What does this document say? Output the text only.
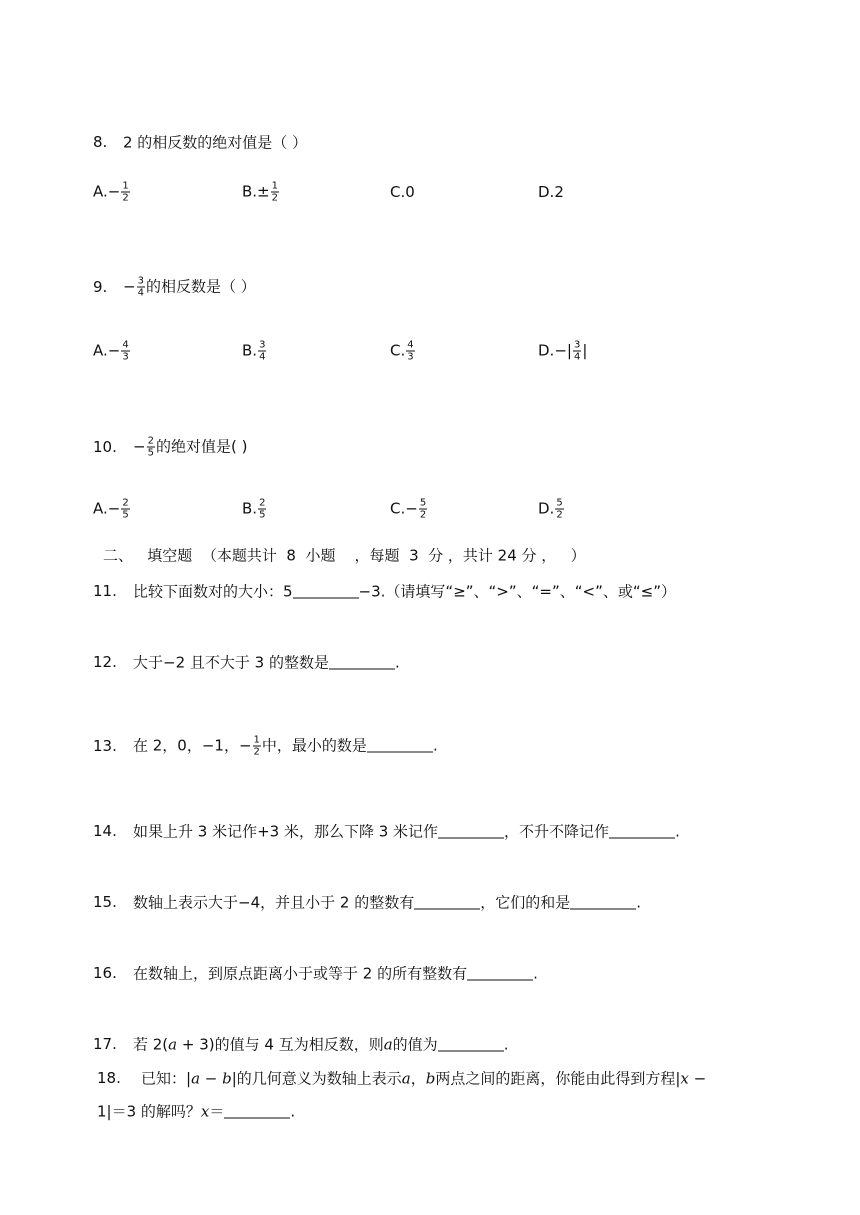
8. 2 的相反数的绝对值是（ ）
$A.- \frac{1}{2}$	$B.\pm \frac{1}{2}$	C.0	D.2
9. − $\frac{3}{4}$ 的相反数是（ ）
$A.- \frac{4}{3}$	B. $\frac{3}{4}$	C. $\frac{4}{3}$	$D.-| \frac{3}{4}$ |
10. − $\frac{2}{5}$ 的绝对值是( )
$A.- \frac{2}{5}$	B. $\frac{2}{5}$	$C.- \frac{5}{2}$	D. $\frac{5}{2}$
二、   填空题  （本题共计  8  小题    ，每题  3  分 ，共计 24 分 ，   ）
11. 比较下面数对的大小：5	−3.（请填写“≥”、“>”、“=”、“<”、或“≤”）
12. 大于−2 且不大于 3 的整数是	.
13. 在 2，0，−1，− $\frac{1}{2}$ 中，最小的数是	.
14. 如果上升 3 米记作+3 米，那么下降 3 米记作	，不升不降记作	.
15. 数轴上表示大于−4，并且小于 2 的整数有	，它们的和是	.
16. 在数轴上，到原点距离小于或等于 2 的所有整数有	.
17. 若 2(a + 3)的值与 4 互为相反数，则a的值为	.
18. 已知：|a − b|的几何意义为数轴上表示a，b两点之间的距离，你能由此得到方程|x −
1|＝3 的解吗？x＝	.
